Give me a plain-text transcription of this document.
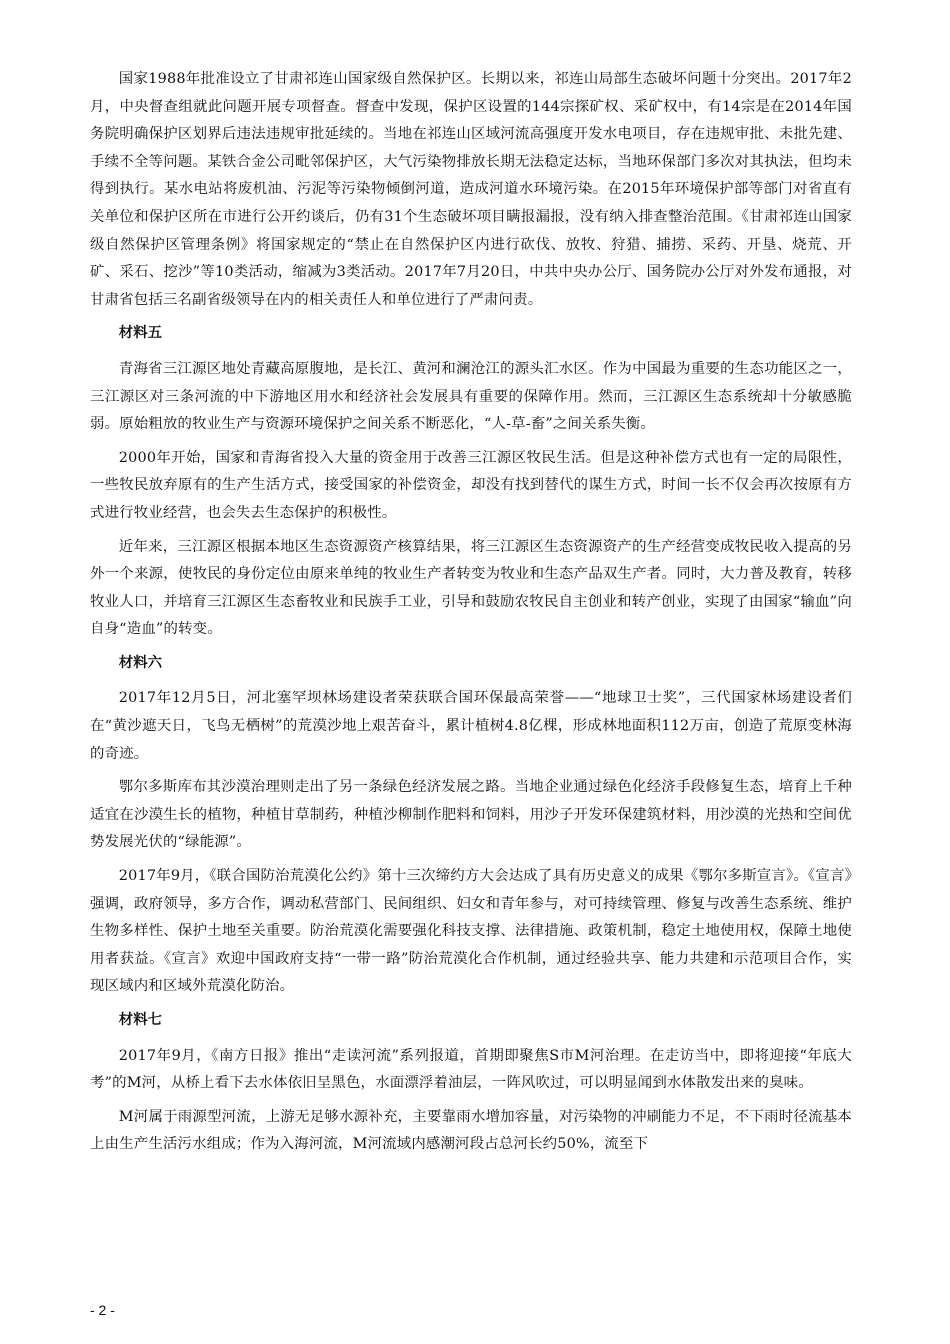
国家1988年批准设立了甘肃祁连山国家级自然保护区。长期以来，祁连山局部生态破坏问题十分突出。2017年2月，中央督查组就此问题开展专项督查。督查中发现，保护区设置的144宗探矿权、采矿权中，有14宗是在2014年国务院明确保护区划界后违法违规审批延续的。当地在祁连山区域河流高强度开发水电项目，存在违规审批、未批先建、手续不全等问题。某铁合金公司毗邻保护区，大气污染物排放长期无法稳定达标，当地环保部门多次对其执法，但均未得到执行。某水电站将废机油、污泥等污染物倾倒河道，造成河道水环境污染。在2015年环境保护部等部门对省直有关单位和保护区所在市进行公开约谈后，仍有31个生态破坏项目瞒报漏报，没有纳入排查整治范围。《甘肃祁连山国家级自然保护区管理条例》将国家规定的“禁止在自然保护区内进行砍伐、放牧、狩猎、捕捞、采药、开垦、烧荒、开矿、采石、挖沙”等10类活动，缩减为3类活动。2017年7月20日，中共中央办公厅、国务院办公厅对外发布通报，对甘肃省包括三名副省级领导在内的相关责任人和单位进行了严肃问责。

材料五

青海省三江源区地处青藏高原腹地，是长江、黄河和澜沧江的源头汇水区。作为中国最为重要的生态功能区之一，三江源区对三条河流的中下游地区用水和经济社会发展具有重要的保障作用。然而，三江源区生态系统却十分敏感脆弱。原始粗放的牧业生产与资源环境保护之间关系不断恶化，“人-草-畜”之间关系失衡。

2000年开始，国家和青海省投入大量的资金用于改善三江源区牧民生活。但是这种补偿方式也有一定的局限性，一些牧民放弃原有的生产生活方式，接受国家的补偿资金，却没有找到替代的谋生方式，时间一长不仅会再次按原有方式进行牧业经营，也会失去生态保护的积极性。

近年来，三江源区根据本地区生态资源资产核算结果，将三江源区生态资源资产的生产经营变成牧民收入提高的另外一个来源，使牧民的身份定位由原来单纯的牧业生产者转变为牧业和生态产品双生产者。同时，大力普及教育，转移牧业人口，并培育三江源区生态畜牧业和民族手工业，引导和鼓励农牧民自主创业和转产创业，实现了由国家“输血”向自身“造血”的转变。

材料六

2017年12月5日，河北塞罕坝林场建设者荣获联合国环保最高荣誉——“地球卫士奖”，三代国家林场建设者们在“黄沙遮天日，飞鸟无栖树”的荒漠沙地上艰苦奋斗，累计植树4.8亿棵，形成林地面积112万亩，创造了荒原变林海的奇迹。

鄂尔多斯库布其沙漠治理则走出了另一条绿色经济发展之路。当地企业通过绿色化经济手段修复生态，培育上千种适宜在沙漠生长的植物，种植甘草制药，种植沙柳制作肥料和饲料，用沙子开发环保建筑材料，用沙漠的光热和空间优势发展光伏的“绿能源”。

2017年9月，《联合国防治荒漠化公约》第十三次缔约方大会达成了具有历史意义的成果《鄂尔多斯宣言》。《宣言》强调，政府领导，多方合作，调动私营部门、民间组织、妇女和青年参与，对可持续管理、修复与改善生态系统、维护生物多样性、保护土地至关重要。防治荒漠化需要强化科技支撑、法律措施、政策机制，稳定土地使用权，保障土地使用者获益。《宣言》欢迎中国政府支持“一带一路”防治荒漠化合作机制，通过经验共享、能力共建和示范项目合作，实现区域内和区域外荒漠化防治。

材料七

2017年9月，《南方日报》推出“走读河流”系列报道，首期即聚焦S市M河治理。在走访当中，即将迎接“年底大考”的M河，从桥上看下去水体依旧呈黑色，水面漂浮着油层，一阵风吹过，可以明显闻到水体散发出来的臭味。

M河属于雨源型河流，上游无足够水源补充，主要靠雨水增加容量，对污染物的冲刷能力不足，不下雨时径流基本上由生产生活污水组成；作为入海河流，M河流域内感潮河段占总河长约50%，流至下

- 2 -
